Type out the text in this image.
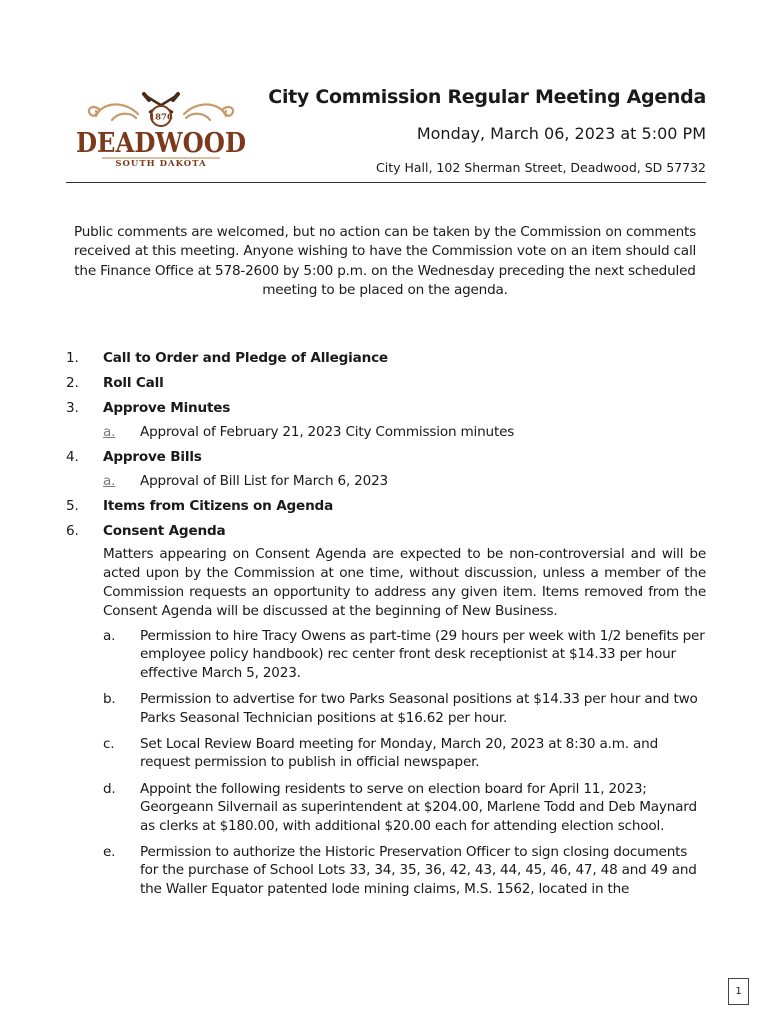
1876
DEADWOOD
SOUTH DAKOTA
City Commission Regular Meeting Agenda
Monday, March 06, 2023 at 5:00 PM
City Hall, 102 Sherman Street, Deadwood, SD 57732
Public comments are welcomed, but no action can be taken by the Commission on comments received at this meeting. Anyone wishing to have the Commission vote on an item should call the Finance Office at 578-2600 by 5:00 p.m. on the Wednesday preceding the next scheduled meeting to be placed on the agenda.
1.	Call to Order and Pledge of Allegiance
2.	Roll Call
3.	Approve Minutes
a.	Approval of February 21, 2023 City Commission minutes
4.	Approve Bills
a.	Approval of Bill List for March 6, 2023
5.	Items from Citizens on Agenda
6.	Consent Agenda
Matters appearing on Consent Agenda are expected to be non-controversial and will be acted upon by the Commission at one time, without discussion, unless a member of the Commission requests an opportunity to address any given item. Items removed from the Consent Agenda will be discussed at the beginning of New Business.
a.	Permission to hire Tracy Owens as part-time (29 hours per week with 1/2 benefits per employee policy handbook) rec center front desk receptionist at $14.33 per hour effective March 5, 2023.
b.	Permission to advertise for two Parks Seasonal positions at $14.33 per hour and two Parks Seasonal Technician positions at $16.62 per hour.
c.	Set Local Review Board meeting for Monday, March 20, 2023 at 8:30 a.m. and request permission to publish in official newspaper.
d.	Appoint the following residents to serve on election board for April 11, 2023; Georgeann Silvernail as superintendent at $204.00, Marlene Todd and Deb Maynard as clerks at $180.00, with additional $20.00 each for attending election school.
e.	Permission to authorize the Historic Preservation Officer to sign closing documents for the purchase of School Lots 33, 34, 35, 36, 42, 43, 44, 45, 46, 47, 48 and 49 and the Waller Equator patented lode mining claims, M.S. 1562, located in the
1
